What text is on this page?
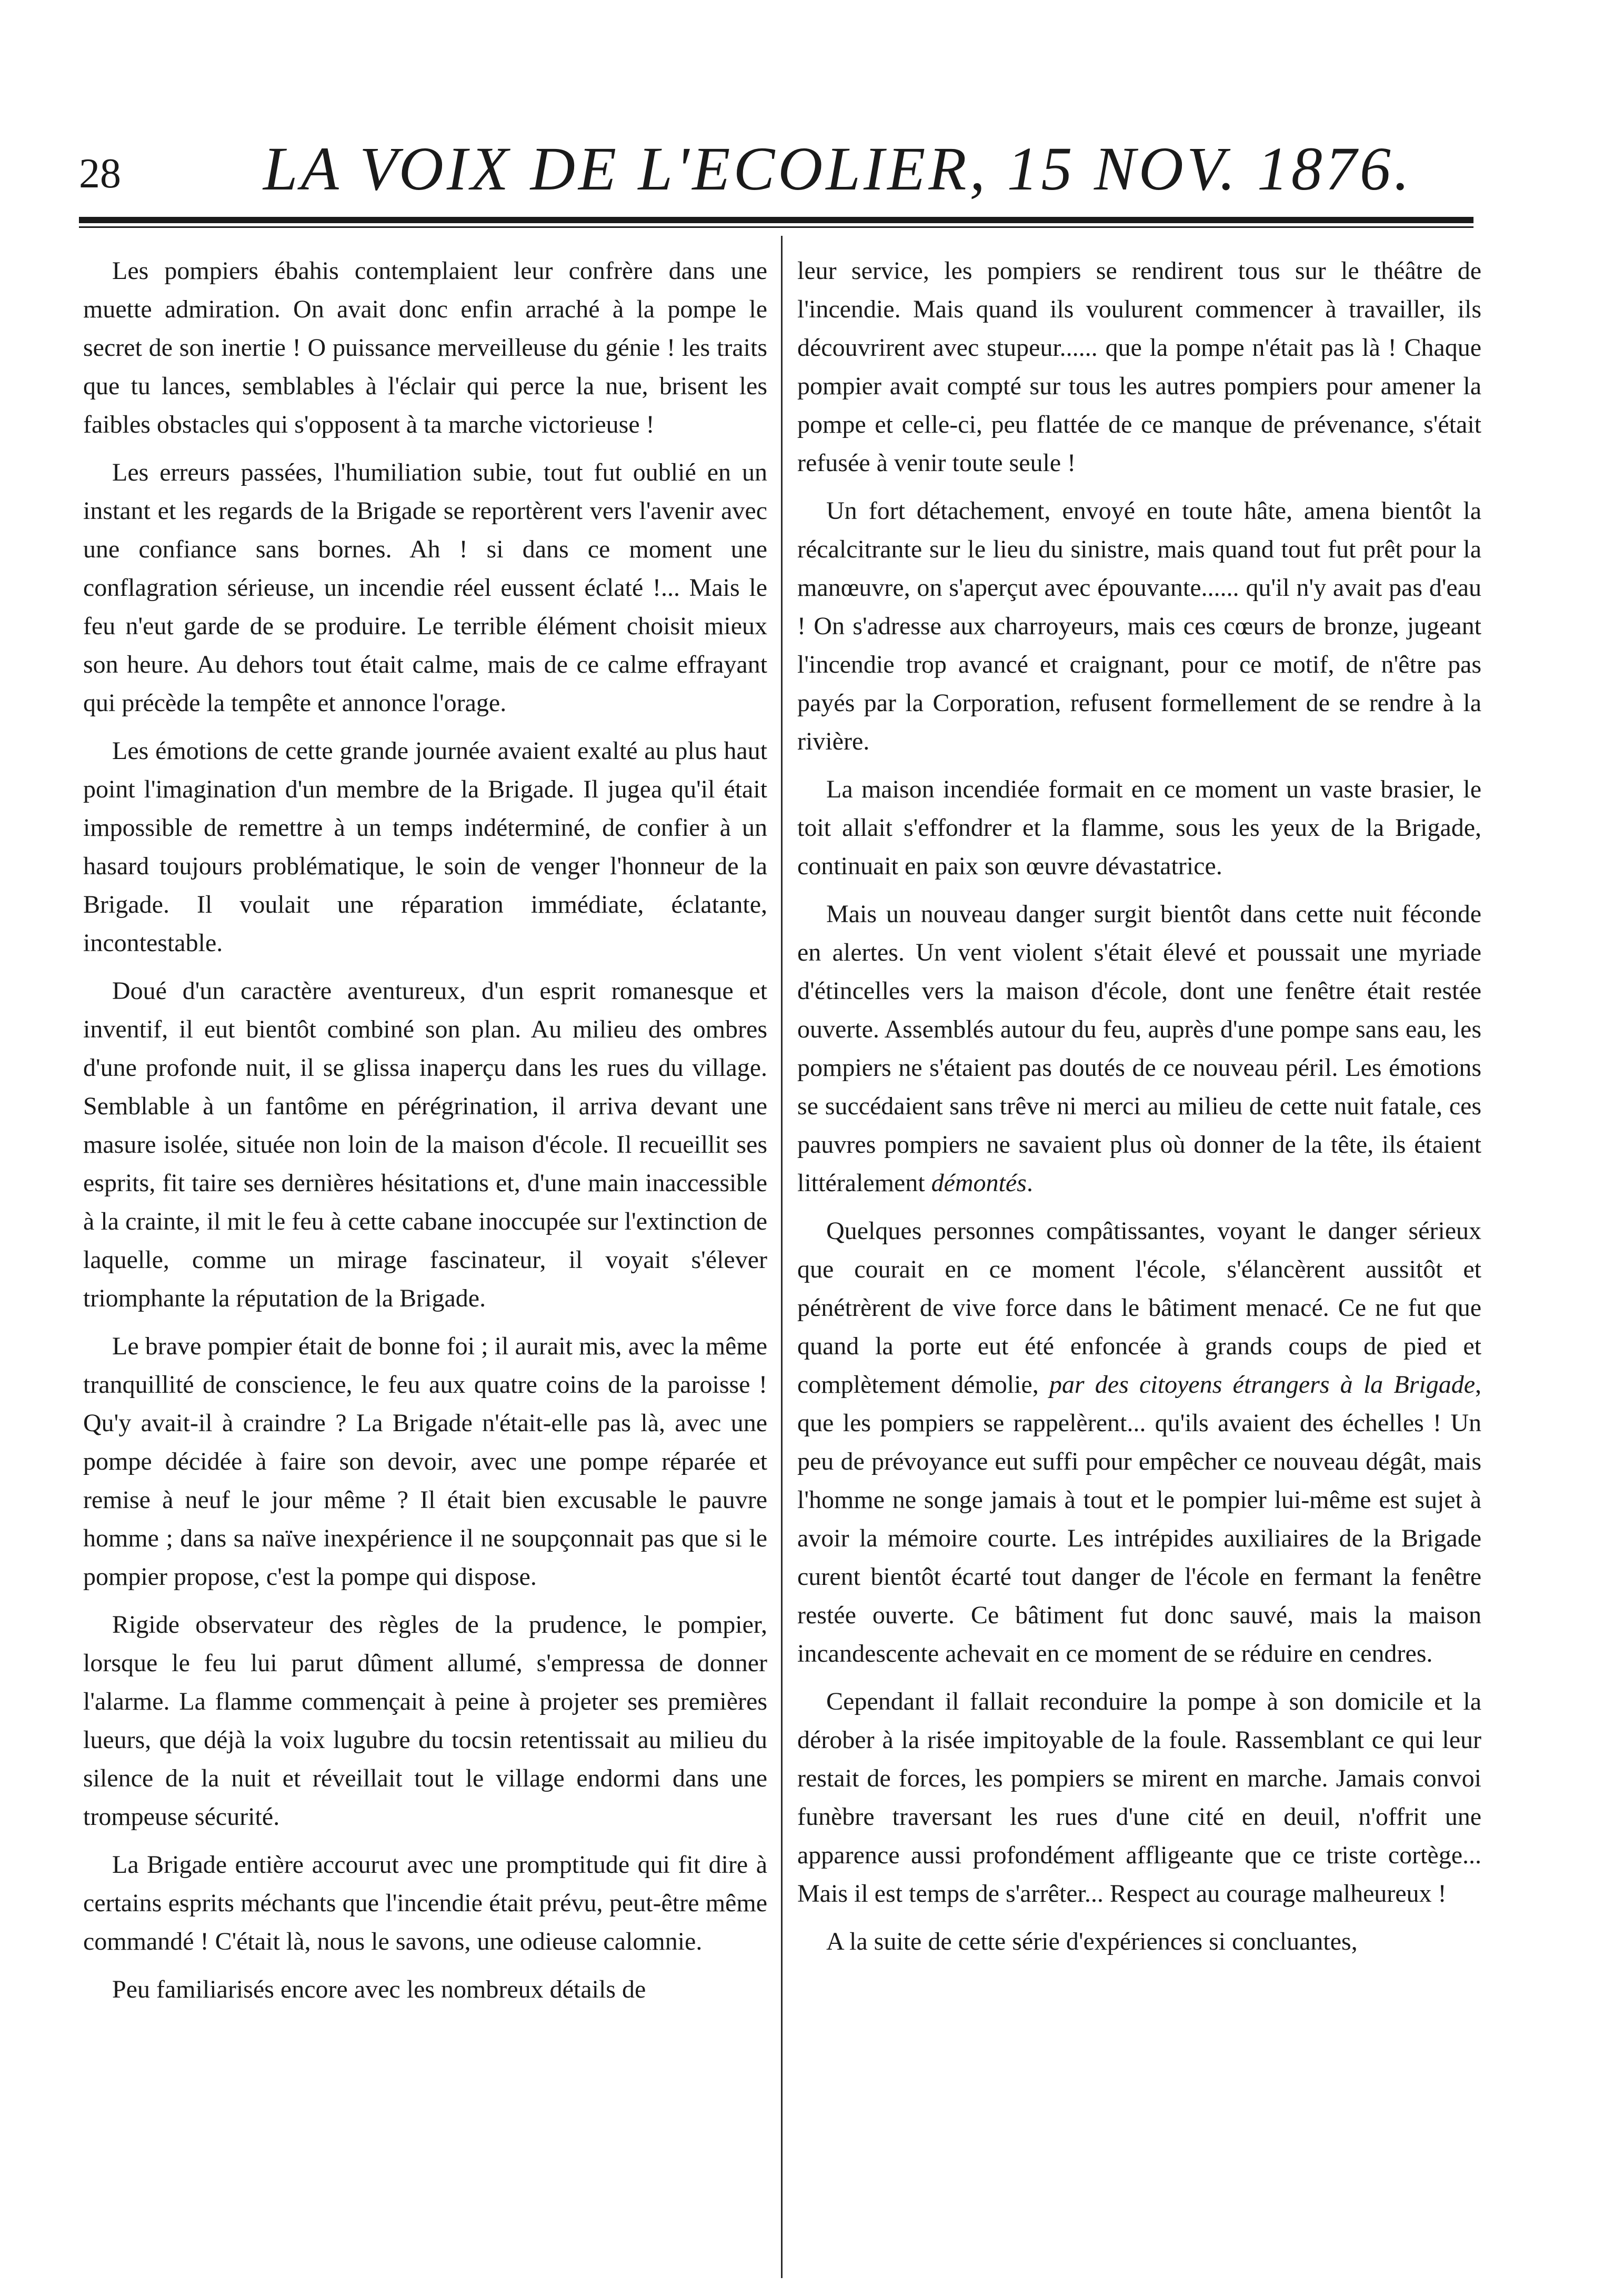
28 LA VOIX DE L'ECOLIER, 15 NOV. 1876.

Les pompiers ébahis contemplaient leur confrère dans une muette admiration. On avait donc enfin arraché à la pompe le secret de son inertie ! O puissance merveilleuse du génie ! les traits que tu lances, semblables à l'éclair qui perce la nue, brisent les faibles obstacles qui s'opposent à ta marche victorieuse !

Les erreurs passées, l'humiliation subie, tout fut oublié en un instant et les regards de la Brigade se reportèrent vers l'avenir avec une confiance sans bornes. Ah ! si dans ce moment une conflagration sérieuse, un incendie réel eussent éclaté !... Mais le feu n'eut garde de se produire. Le terrible élément choisit mieux son heure. Au dehors tout était calme, mais de ce calme effrayant qui précède la tempête et annonce l'orage.

Les émotions de cette grande journée avaient exalté au plus haut point l'imagination d'un membre de la Brigade. Il jugea qu'il était impossible de remettre à un temps indéterminé, de confier à un hasard toujours problématique, le soin de venger l'honneur de la Brigade. Il voulait une réparation immédiate, éclatante, incontestable.

Doué d'un caractère aventureux, d'un esprit romanesque et inventif, il eut bientôt combiné son plan. Au milieu des ombres d'une profonde nuit, il se glissa inaperçu dans les rues du village. Semblable à un fantôme en pérégrination, il arriva devant une masure isolée, située non loin de la maison d'école. Il recueillit ses esprits, fit taire ses dernières hésitations et, d'une main inaccessible à la crainte, il mit le feu à cette cabane inoccupée sur l'extinction de laquelle, comme un mirage fascinateur, il voyait s'élever triomphante la réputation de la Brigade.

Le brave pompier était de bonne foi ; il aurait mis, avec la même tranquillité de conscience, le feu aux quatre coins de la paroisse ! Qu'y avait-il à craindre ? La Brigade n'était-elle pas là, avec une pompe décidée à faire son devoir, avec une pompe réparée et remise à neuf le jour même ? Il était bien excusable le pauvre homme ; dans sa naïve inexpérience il ne soupçonnait pas que si le pompier propose, c'est la pompe qui dispose.

Rigide observateur des règles de la prudence, le pompier, lorsque le feu lui parut dûment allumé, s'empressa de donner l'alarme. La flamme commençait à peine à projeter ses premières lueurs, que déjà la voix lugubre du tocsin retentissait au milieu du silence de la nuit et réveillait tout le village endormi dans une trompeuse sécurité.

La Brigade entière accourut avec une promptitude qui fit dire à certains esprits méchants que l'incendie était prévu, peut-être même commandé ! C'était là, nous le savons, une odieuse calomnie.

Peu familiarisés encore avec les nombreux détails de

leur service, les pompiers se rendirent tous sur le théâtre de l'incendie. Mais quand ils voulurent commencer à travailler, ils découvrirent avec stupeur...... que la pompe n'était pas là ! Chaque pompier avait compté sur tous les autres pompiers pour amener la pompe et celle-ci, peu flattée de ce manque de prévenance, s'était refusée à venir toute seule !

Un fort détachement, envoyé en toute hâte, amena bientôt la récalcitrante sur le lieu du sinistre, mais quand tout fut prêt pour la manœuvre, on s'aperçut avec épouvante...... qu'il n'y avait pas d'eau ! On s'adresse aux charroyeurs, mais ces cœurs de bronze, jugeant l'incendie trop avancé et craignant, pour ce motif, de n'être pas payés par la Corporation, refusent formellement de se rendre à la rivière.

La maison incendiée formait en ce moment un vaste brasier, le toit allait s'effondrer et la flamme, sous les yeux de la Brigade, continuait en paix son œuvre dévastatrice.

Mais un nouveau danger surgit bientôt dans cette nuit féconde en alertes. Un vent violent s'était élevé et poussait une myriade d'étincelles vers la maison d'école, dont une fenêtre était restée ouverte. Assemblés autour du feu, auprès d'une pompe sans eau, les pompiers ne s'étaient pas doutés de ce nouveau péril. Les émotions se succédaient sans trêve ni merci au milieu de cette nuit fatale, ces pauvres pompiers ne savaient plus où donner de la tête, ils étaient littéralement démontés.

Quelques personnes compâtissantes, voyant le danger sérieux que courait en ce moment l'école, s'élancèrent aussitôt et pénétrèrent de vive force dans le bâtiment menacé. Ce ne fut que quand la porte eut été enfoncée à grands coups de pied et complètement démolie, par des citoyens étrangers à la Brigade, que les pompiers se rappelèrent... qu'ils avaient des échelles ! Un peu de prévoyance eut suffi pour empêcher ce nouveau dégât, mais l'homme ne songe jamais à tout et le pompier lui-même est sujet à avoir la mémoire courte. Les intrépides auxiliaires de la Brigade curent bientôt écarté tout danger de l'école en fermant la fenêtre restée ouverte. Ce bâtiment fut donc sauvé, mais la maison incandescente achevait en ce moment de se réduire en cendres.

Cependant il fallait reconduire la pompe à son domicile et la dérober à la risée impitoyable de la foule. Rassemblant ce qui leur restait de forces, les pompiers se mirent en marche. Jamais convoi funèbre traversant les rues d'une cité en deuil, n'offrit une apparence aussi profondément affligeante que ce triste cortège... Mais il est temps de s'arrêter... Respect au courage malheureux !

A la suite de cette série d'expériences si concluantes,
